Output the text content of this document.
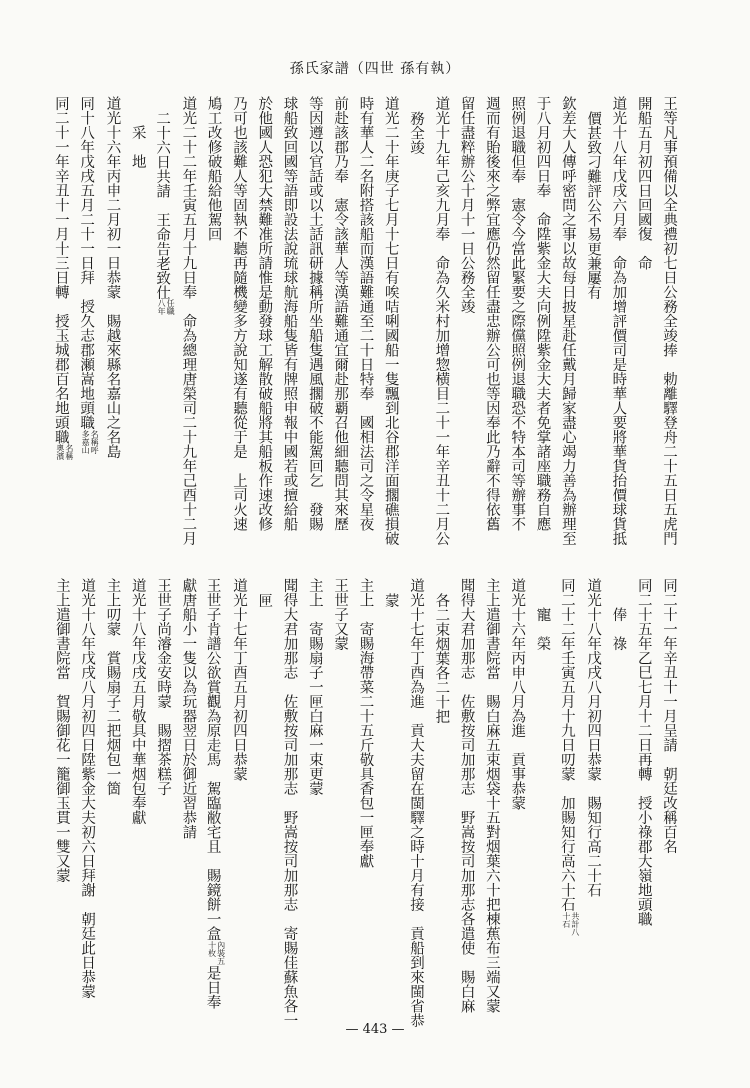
孫氏家譜（四世 孫有執）
王等凡事預備以全典禮初七日公務全竣捧　勅離驛登舟二十五日五虎門
開船五月初四日回國復　命
道光十八年戊戌六月奉　命為加增評價司是時華人要將華貨抬價球貨抵
價甚致刁難評公不易更兼屢有
欽差大人傳呼密問之事以故每日披星赴任戴月歸家盡心竭力善為辦理至
于八月初四日奉　命陞紫金大夫向例陞紫金大夫者免掌諸座職務自應
照例退職但奉　憲令今當此緊要之際儻照例退職恐不特本司等辦事不
週而有貽後來之弊宜應仍然留任盡忠辦公可也等因奉此乃辭不得依舊
留任盡粹辦公十月十一日公務全竣
道光十九年己亥九月奉　命為久米村加增惣横目二十一年辛丑十二月公
務全竣
道光二十年庚子七月十七日有唉咭唎國船一隻飄到北谷郡洋面擱礁損破
時有華人二名附搭該船而漢語難通至二十日特奉　國相法司之令星夜
前赴該郡乃奉　憲令該華人等漢語難通宜爾赴那覇召他細聽問其來歷
等因遵以官話或以土話訊研據稱所坐船隻遇風擱破不能駕回乞　發賜
球船致回國等語即設法說琉球航海船隻皆有牌照申報中國若或擅給船
於他國人恐犯大禁難准所請惟是動發球工解散破船將其船板作速改修
乃可也該難人等固執不聽再隨機變多方說知遂有聽從于是　上司火速
鳩工改修破船給他駕回
道光二十二年壬寅五月十九日奉　命為總理唐榮司二十九年己酉十二月
二十六日共請　王命告老致仕任職八年
采　地
道光十六年丙申二月初一日恭蒙　賜越來縣名嘉山之名島
同十八年戊戌五月二十一日拜　授久志郡瀬嵩地頭職名稱呼多嘉山
同二十一年辛丑十一月十三日轉　授玉城郡百名地頭職名稱奧濱
同二十一年辛丑十一月呈請　朝廷改稱百名
同二十五年乙巳七月十二日再轉　授小祿郡大嶺地頭職
俸　祿
道光十八年戊戌八月初四日恭蒙　賜知行高二十石
同二十二年壬寅五月十九日叨蒙　加賜知行高六十石共計八十石
寵　榮
道光十六年丙申八月為進　貢事恭蒙
主上遣御書院當　賜白麻五束烟袋十五對烟葉六十把棟蕉布三端又蒙
聞得大君加那志　佐敷按司加那志　野嵩按司加那志各遣使　賜白麻
各二束烟葉各二十把
道光十七年丁酉為進　貢大夫留在閩驛之時十月有接　貢船到來閩省恭
蒙
主上　寄賜海帶菜二十五斤敬具香包一匣奉獻
王世子又蒙
主上　寄賜扇子一匣白麻一束更蒙
聞得大君加那志　佐敷按司加那志　野嵩按司加那志　寄賜佳蘇魚各一
匣
道光十七年丁酉五月初四日恭蒙
王世子肯譜公欲賞觀為原走馬　駕臨敝宅且　賜鏡餅一盒內裝五十枚是日奉
獻唐船小一隻以為玩器翌日於御近習恭請
王世子尚濬金安時蒙　賜摺茶糕子
道光十八年戊戌五月敬具中華烟包奉獻
主上叨蒙　賞賜扇子二把烟包一箇
道光十八年戊戌八月初四日陞紫金大夫初六日拜謝　朝廷此日恭蒙
主上遣御書院當　賀賜御花一籠御玉貫一雙又蒙
— 443 —
